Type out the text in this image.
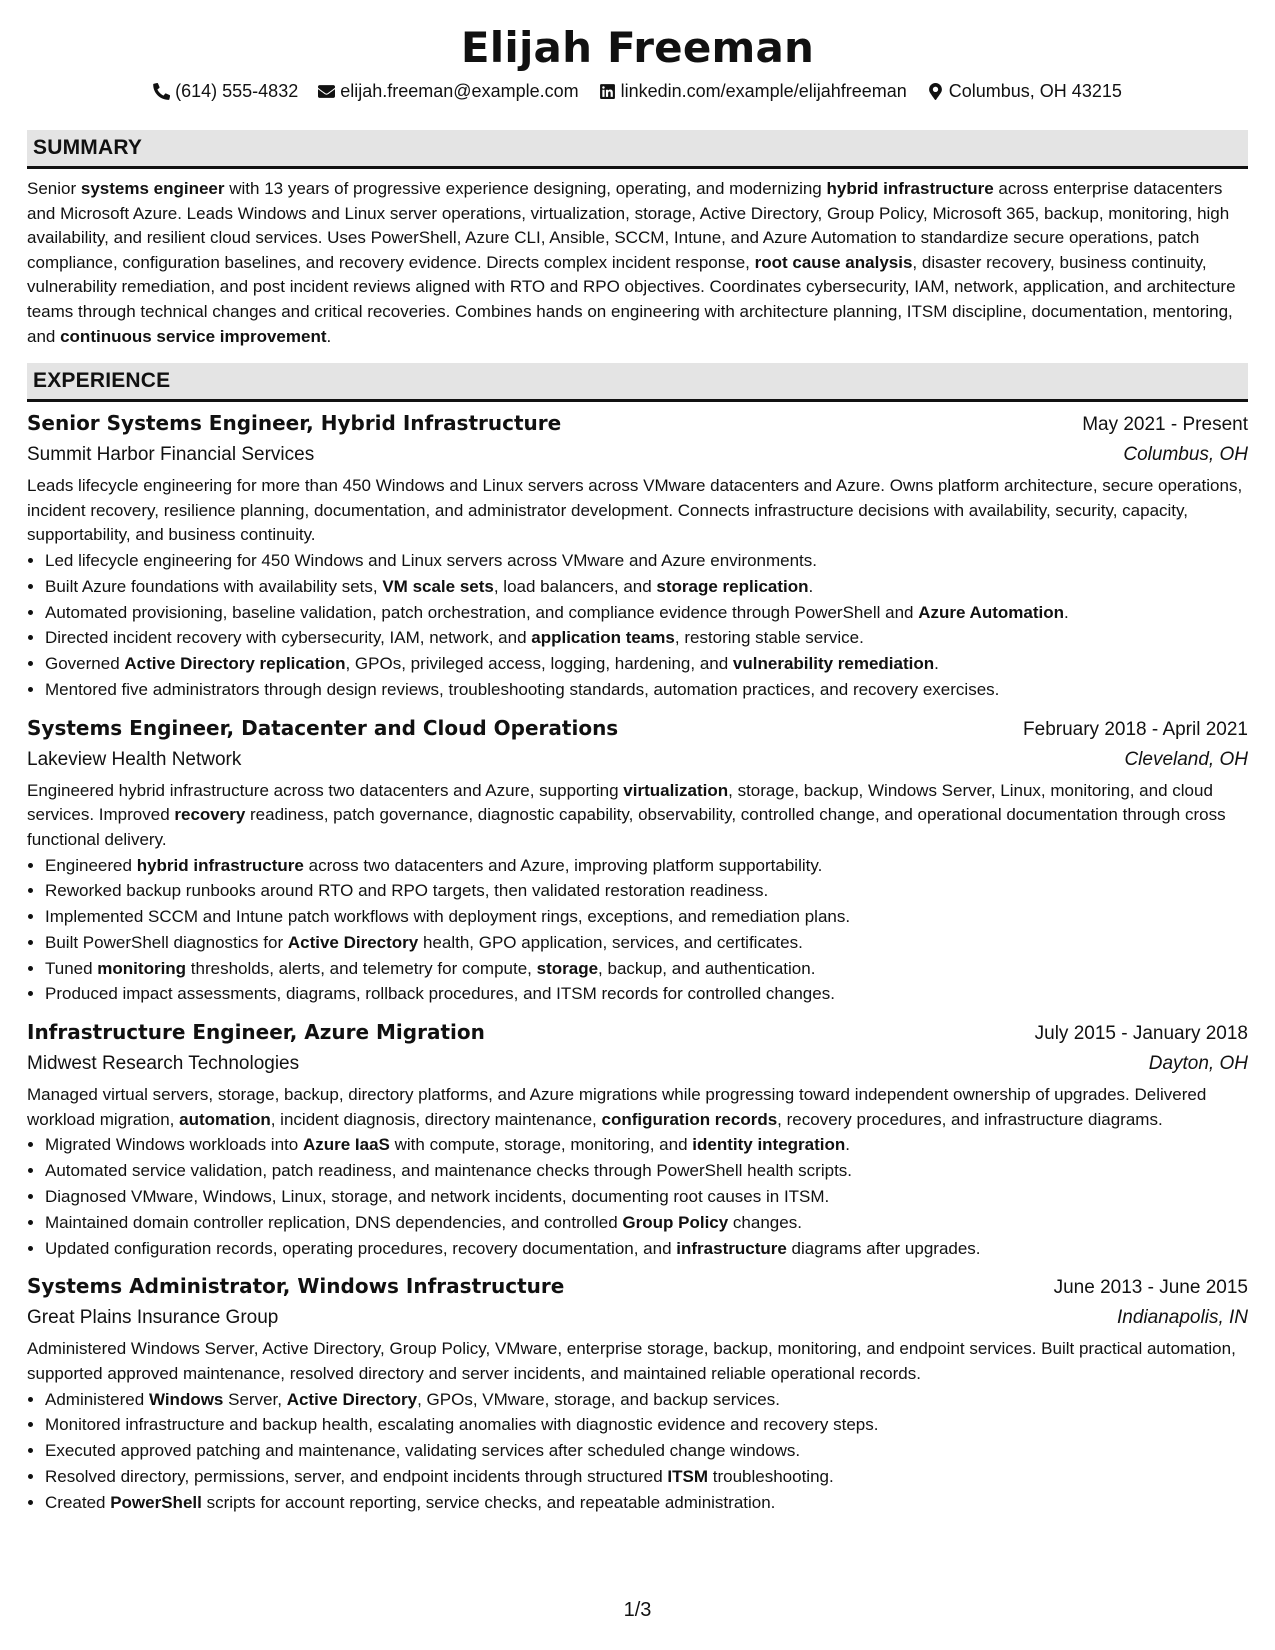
Elijah Freeman
(614) 555-4832 elijah.freeman@example.com linkedin.com/example/elijahfreeman Columbus, OH 43215
SUMMARY
Senior systems engineer with 13 years of progressive experience designing, operating, and modernizing hybrid infrastructure across enterprise datacenters and Microsoft Azure. Leads Windows and Linux server operations, virtualization, storage, Active Directory, Group Policy, Microsoft 365, backup, monitoring, high availability, and resilient cloud services. Uses PowerShell, Azure CLI, Ansible, SCCM, Intune, and Azure Automation to standardize secure operations, patch compliance, configuration baselines, and recovery evidence. Directs complex incident response, root cause analysis, disaster recovery, business continuity, vulnerability remediation, and post incident reviews aligned with RTO and RPO objectives. Coordinates cybersecurity, IAM, network, application, and architecture teams through technical changes and critical recoveries. Combines hands on engineering with architecture planning, ITSM discipline, documentation, mentoring, and continuous service improvement.
EXPERIENCE
Senior Systems Engineer, Hybrid Infrastructure	May 2021 - Present
Summit Harbor Financial Services	Columbus, OH
Leads lifecycle engineering for more than 450 Windows and Linux servers across VMware datacenters and Azure. Owns platform architecture, secure operations, incident recovery, resilience planning, documentation, and administrator development. Connects infrastructure decisions with availability, security, capacity, supportability, and business continuity.
• Led lifecycle engineering for 450 Windows and Linux servers across VMware and Azure environments.
• Built Azure foundations with availability sets, VM scale sets, load balancers, and storage replication.
• Automated provisioning, baseline validation, patch orchestration, and compliance evidence through PowerShell and Azure Automation.
• Directed incident recovery with cybersecurity, IAM, network, and application teams, restoring stable service.
• Governed Active Directory replication, GPOs, privileged access, logging, hardening, and vulnerability remediation.
• Mentored five administrators through design reviews, troubleshooting standards, automation practices, and recovery exercises.
Systems Engineer, Datacenter and Cloud Operations	February 2018 - April 2021
Lakeview Health Network	Cleveland, OH
Engineered hybrid infrastructure across two datacenters and Azure, supporting virtualization, storage, backup, Windows Server, Linux, monitoring, and cloud services. Improved recovery readiness, patch governance, diagnostic capability, observability, controlled change, and operational documentation through cross functional delivery.
• Engineered hybrid infrastructure across two datacenters and Azure, improving platform supportability.
• Reworked backup runbooks around RTO and RPO targets, then validated restoration readiness.
• Implemented SCCM and Intune patch workflows with deployment rings, exceptions, and remediation plans.
• Built PowerShell diagnostics for Active Directory health, GPO application, services, and certificates.
• Tuned monitoring thresholds, alerts, and telemetry for compute, storage, backup, and authentication.
• Produced impact assessments, diagrams, rollback procedures, and ITSM records for controlled changes.
Infrastructure Engineer, Azure Migration	July 2015 - January 2018
Midwest Research Technologies	Dayton, OH
Managed virtual servers, storage, backup, directory platforms, and Azure migrations while progressing toward independent ownership of upgrades. Delivered workload migration, automation, incident diagnosis, directory maintenance, configuration records, recovery procedures, and infrastructure diagrams.
• Migrated Windows workloads into Azure IaaS with compute, storage, monitoring, and identity integration.
• Automated service validation, patch readiness, and maintenance checks through PowerShell health scripts.
• Diagnosed VMware, Windows, Linux, storage, and network incidents, documenting root causes in ITSM.
• Maintained domain controller replication, DNS dependencies, and controlled Group Policy changes.
• Updated configuration records, operating procedures, recovery documentation, and infrastructure diagrams after upgrades.
Systems Administrator, Windows Infrastructure	June 2013 - June 2015
Great Plains Insurance Group	Indianapolis, IN
Administered Windows Server, Active Directory, Group Policy, VMware, enterprise storage, backup, monitoring, and endpoint services. Built practical automation, supported approved maintenance, resolved directory and server incidents, and maintained reliable operational records.
• Administered Windows Server, Active Directory, GPOs, VMware, storage, and backup services.
• Monitored infrastructure and backup health, escalating anomalies with diagnostic evidence and recovery steps.
• Executed approved patching and maintenance, validating services after scheduled change windows.
• Resolved directory, permissions, server, and endpoint incidents through structured ITSM troubleshooting.
• Created PowerShell scripts for account reporting, service checks, and repeatable administration.
1/3
